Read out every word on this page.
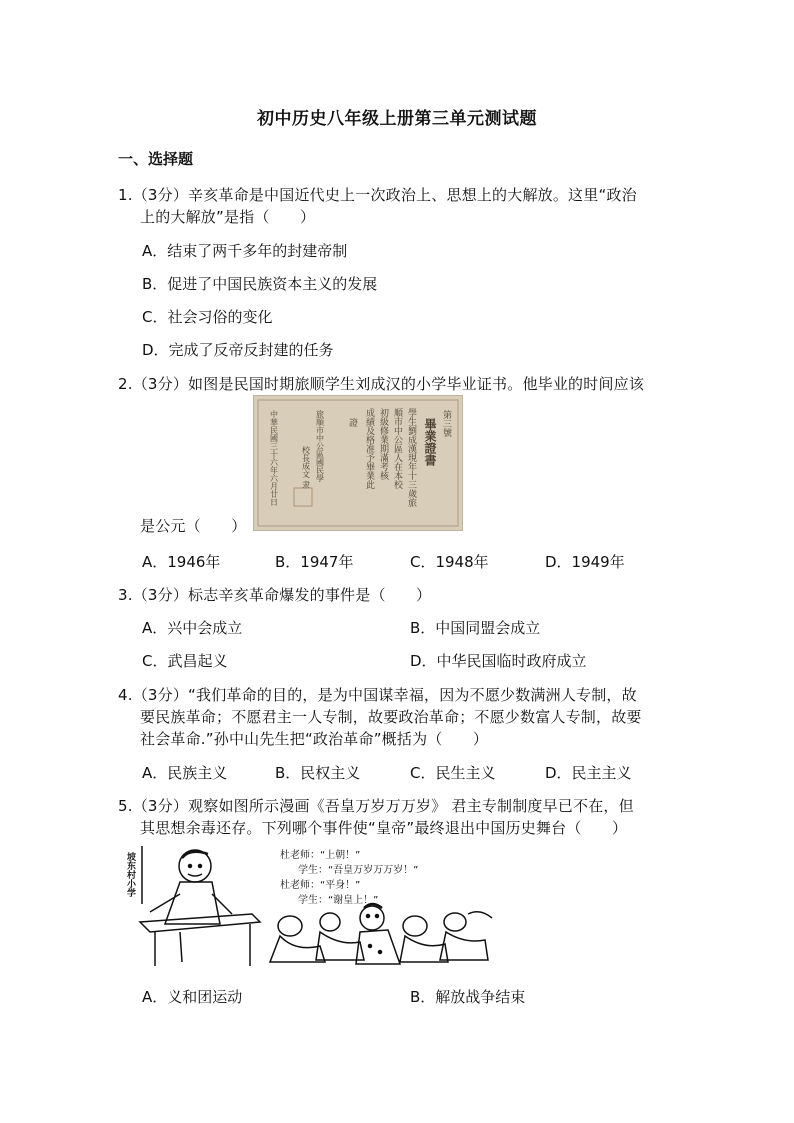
初中历史八年级上册第三单元测试题
一、选择题
1.（3分）辛亥革命是中国近代史上一次政治上、思想上的大解放。这里“政治
上的大解放”是指（　　）
A．结束了两千多年的封建帝制
B．促进了中国民族资本主义的发展
C．社会习俗的变化
D．完成了反帝反封建的任务
2.（3分）如图是民国时期旅顺学生刘成汉的小学毕业证书。他毕业的时间应该
第三號
畢業證書
學生劉成漢現年十三歲旅
順市中公區人在本校
初級修業期滿考核
成績及格准予畢業此
證
旅順市中公區國民學
校長成文 隶
中華民國三十六年六月廿日
是公元（　　）
A．1946年	B．1947年	C．1948年	D．1949年
3.（3分）标志辛亥革命爆发的事件是（　　）
A．兴中会成立	B．中国同盟会成立
C．武昌起义	D．中华民国临时政府成立
4.（3分）“我们革命的目的，是为中国谋幸福，因为不愿少数满洲人专制，故
要民族革命；不愿君主一人专制，故要政治革命；不愿少数富人专制，故要
社会革命.”孙中山先生把“政治革命”概括为（　　）
A．民族主义	B．民权主义	C．民生主义	D．民主主义
5.（3分）观察如图所示漫画《吾皇万岁万万岁》 君主专制制度早已不在，但
其思想余毒还存。下列哪个事件使“皇帝”最终退出中国历史舞台（　　）
坡东村小学	杜老师：“上朝！”
学生：“吾皇万岁万万岁！”
杜老师：“平身！”
学生：“谢皇上！”
A．义和团运动	B．解放战争结束
